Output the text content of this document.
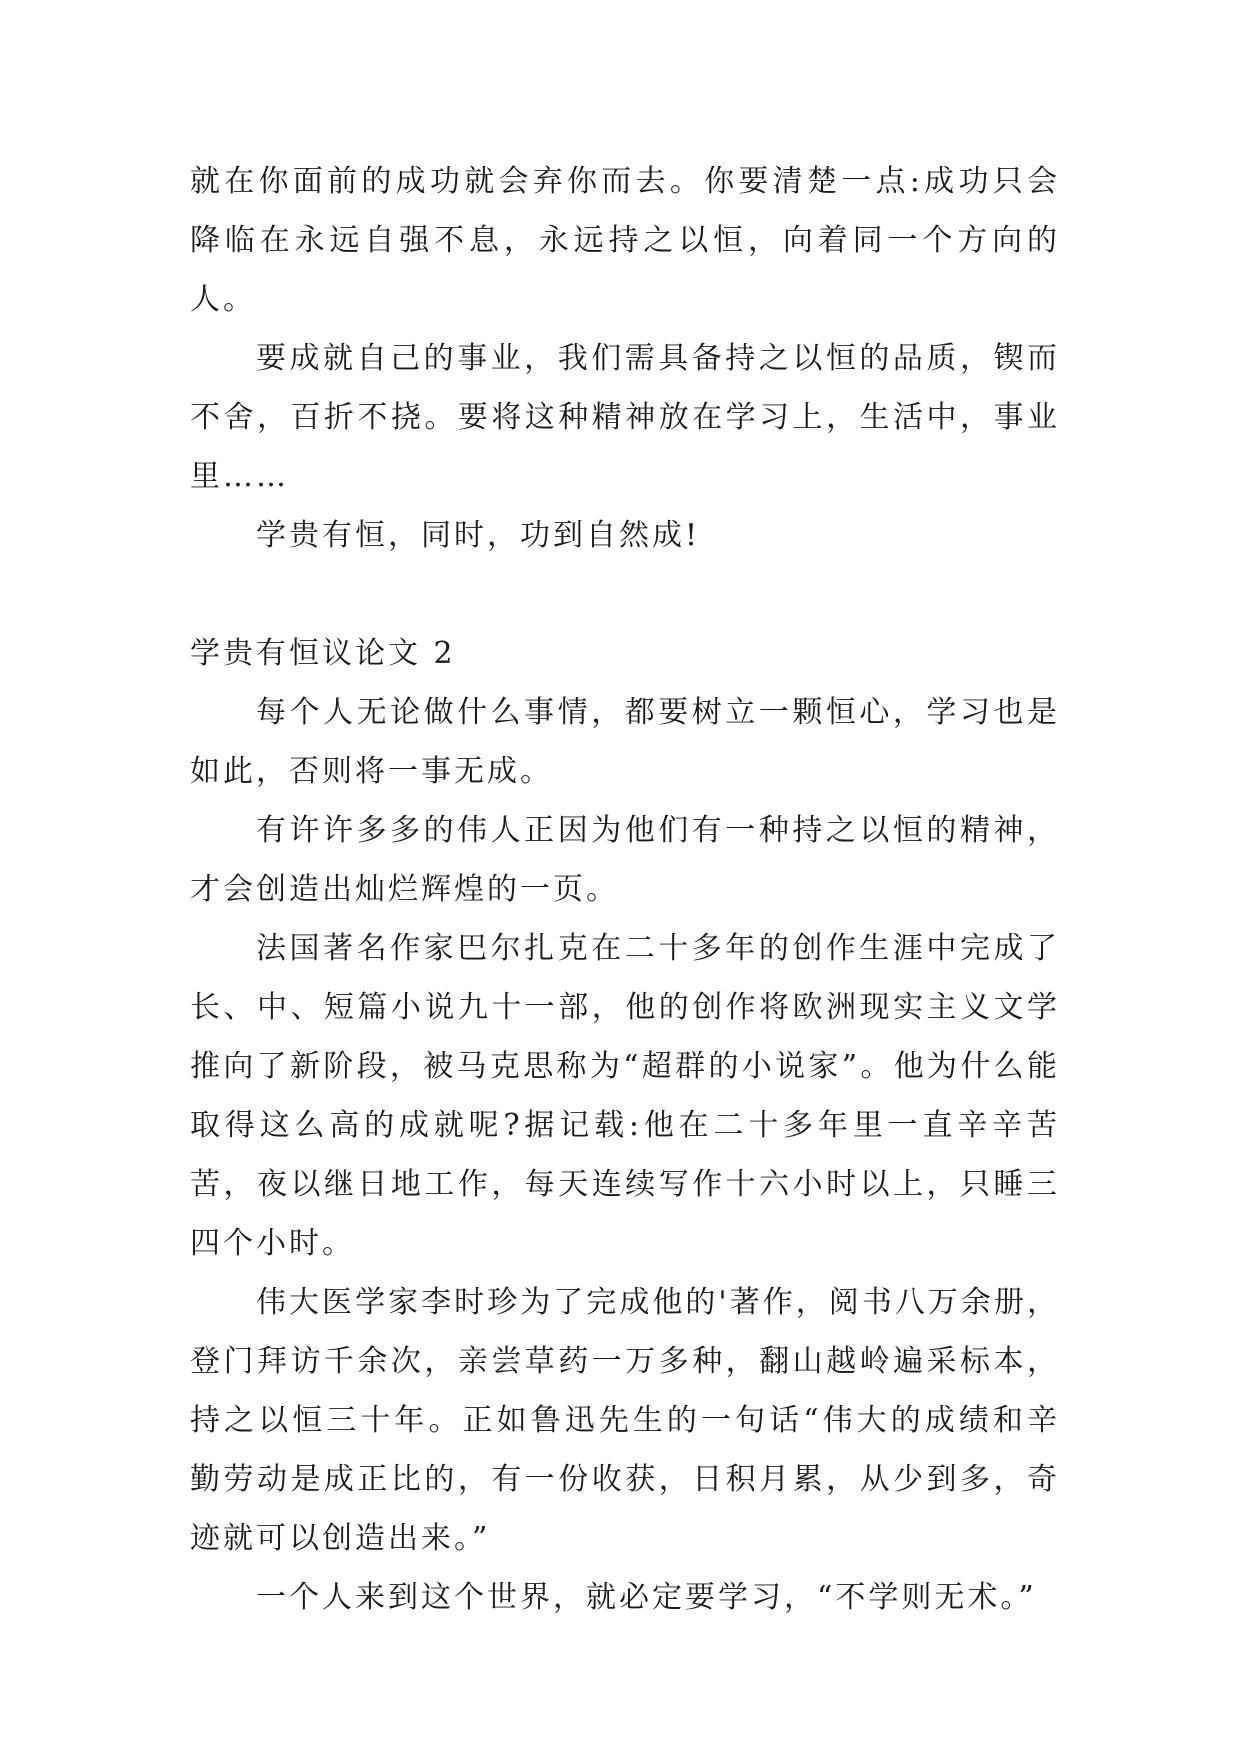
就在你面前的成功就会弃你而去。你要清楚一点:成功只会降临在永远自强不息，永远持之以恒，向着同一个方向的人。

要成就自己的事业，我们需具备持之以恒的品质，锲而不舍，百折不挠。要将这种精神放在学习上，生活中，事业里……

学贵有恒，同时，功到自然成!

学贵有恒议论文 2

每个人无论做什么事情，都要树立一颗恒心，学习也是如此，否则将一事无成。

有许许多多的伟人正因为他们有一种持之以恒的精神，才会创造出灿烂辉煌的一页。

法国著名作家巴尔扎克在二十多年的创作生涯中完成了长、中、短篇小说九十一部，他的创作将欧洲现实主义文学推向了新阶段，被马克思称为“超群的小说家”。他为什么能取得这么高的成就呢?据记载:他在二十多年里一直辛辛苦苦，夜以继日地工作，每天连续写作十六小时以上，只睡三四个小时。

伟大医学家李时珍为了完成他的'著作，阅书八万余册，登门拜访千余次，亲尝草药一万多种，翻山越岭遍采标本，持之以恒三十年。正如鲁迅先生的一句话“伟大的成绩和辛勤劳动是成正比的，有一份收获，日积月累，从少到多，奇迹就可以创造出来。”

一个人来到这个世界，就必定要学习，“不学则无术。”
